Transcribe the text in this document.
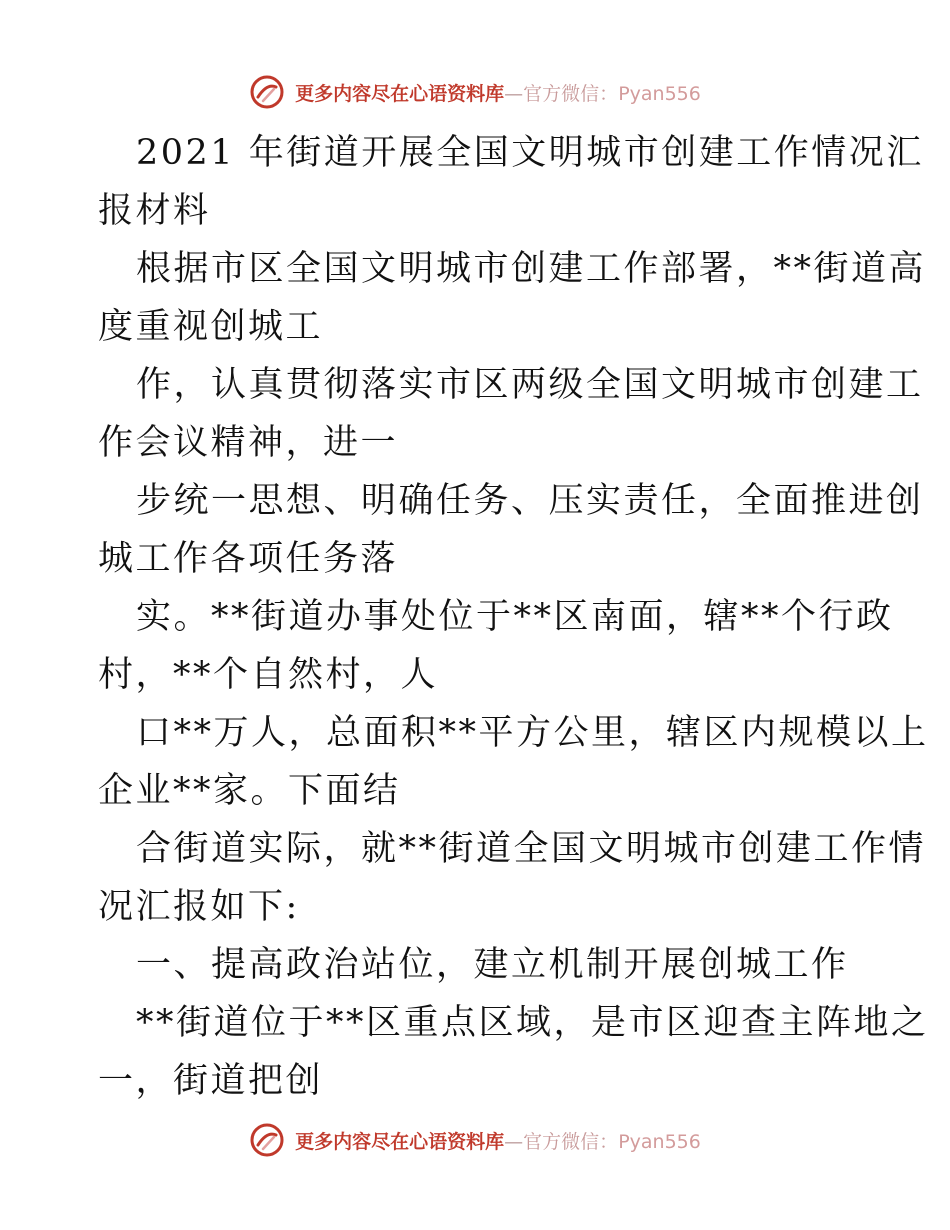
更多内容尽在心语资料库—官方微信：Pyan556
2021 年街道开展全国文明城市创建工作情况汇
报材料
根据市区全国文明城市创建工作部署，**街道高
度重视创城工
作，认真贯彻落实市区两级全国文明城市创建工
作会议精神，进一
步统一思想、明确任务、压实责任，全面推进创
城工作各项任务落
实。**街道办事处位于**区南面，辖**个行政
村，**个自然村，人
口**万人，总面积**平方公里，辖区内规模以上
企业**家。下面结
合街道实际，就**街道全国文明城市创建工作情
况汇报如下:
一、提高政治站位，建立机制开展创城工作
**街道位于**区重点区域，是市区迎查主阵地之
一，街道把创
更多内容尽在心语资料库—官方微信：Pyan556
